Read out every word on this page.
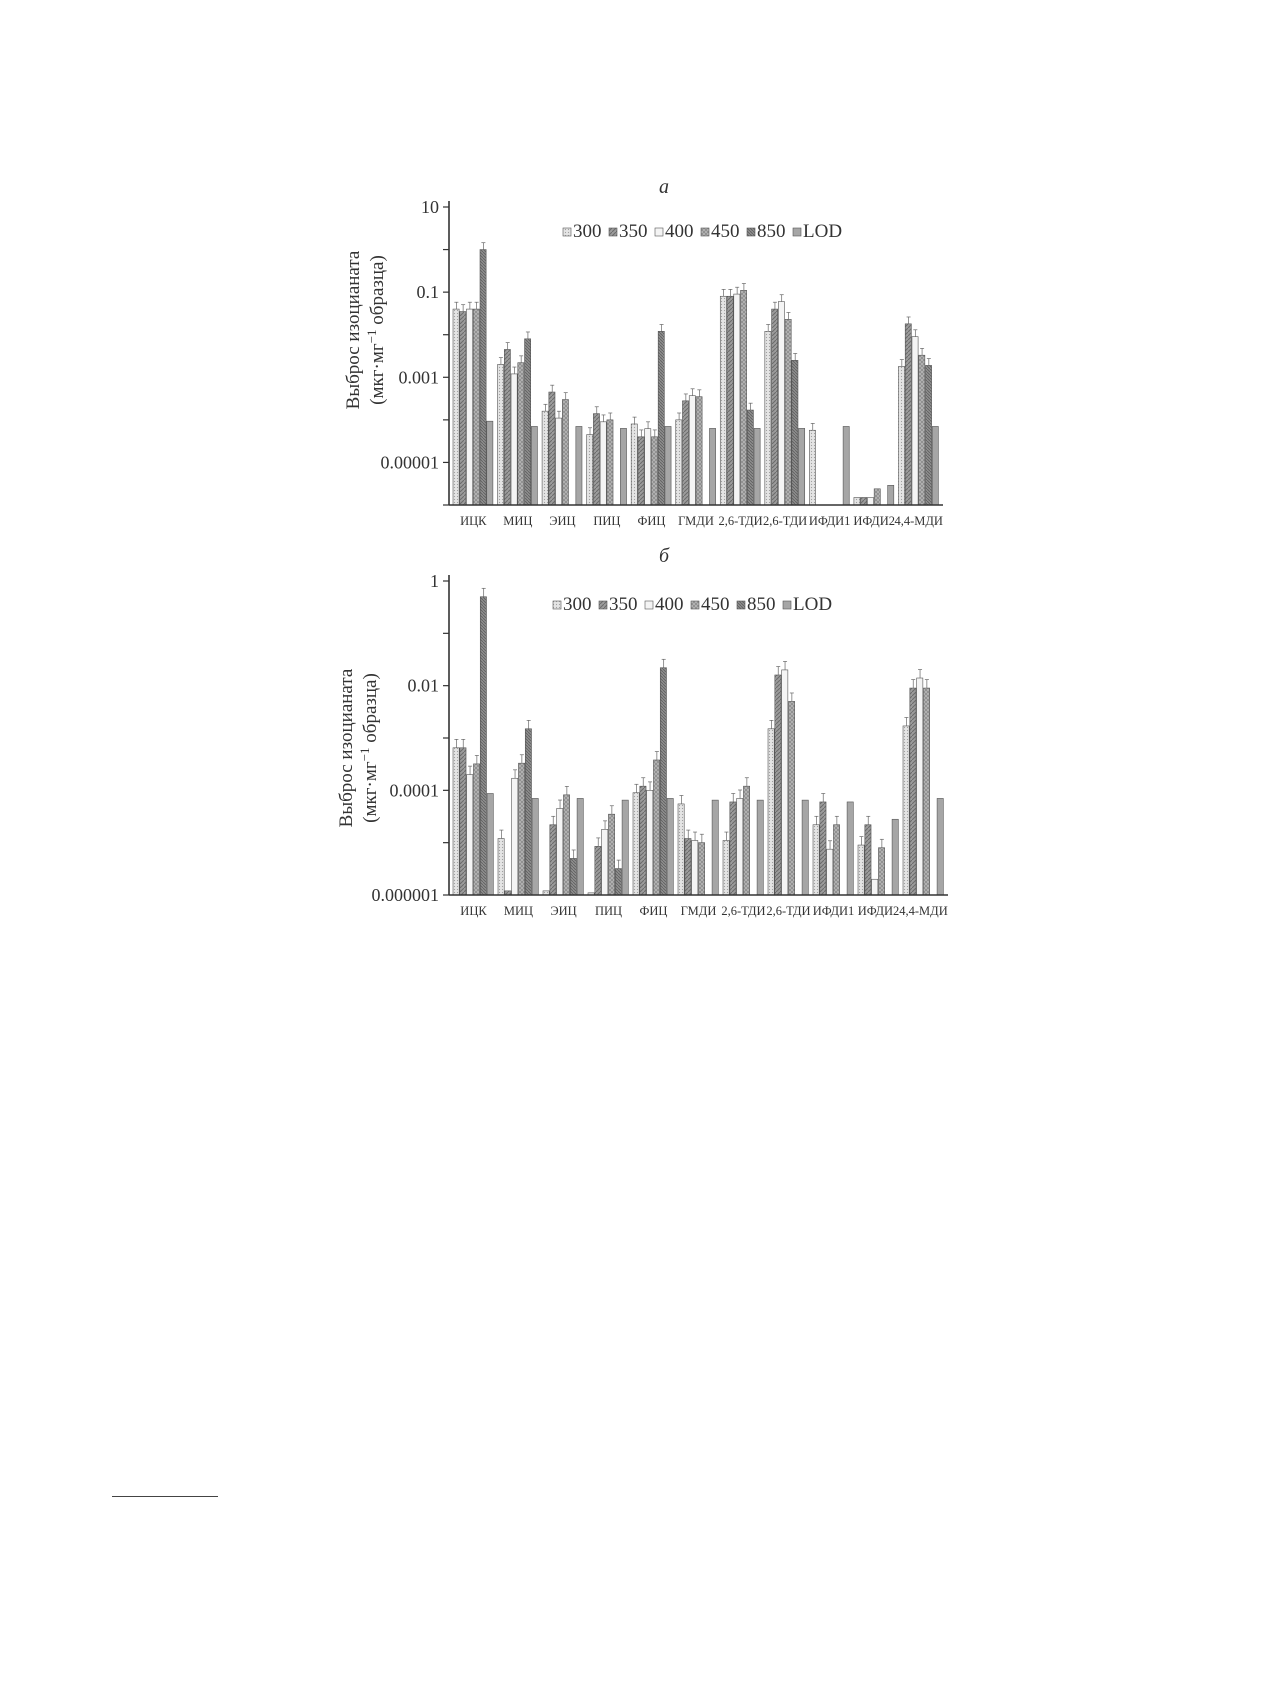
а
Выброс изоцианата ($мкг\cdot мг^{-1}$ образца)
300 350 400 450 850 LOD
10
0.1
0.001
0.00001
ИЦК МИЦ ЭИЦ ПИЦ ФИЦ ГМДИ 2,6-ТДИ 2,6-ТДИ ИФДИ1 ИФДИ2 4,4-МДИ
б
Выброс изоцианата ($мкг\cdot мг^{-1}$ образца)
300 350 400 450 850 LOD
1
0.01
0.0001
0.000001
ИЦК МИЦ ЭИЦ ПИЦ ФИЦ ГМДИ 2,6-ТДИ 2,6-ТДИ ИФДИ1 ИФДИ2 4,4-МДИ
